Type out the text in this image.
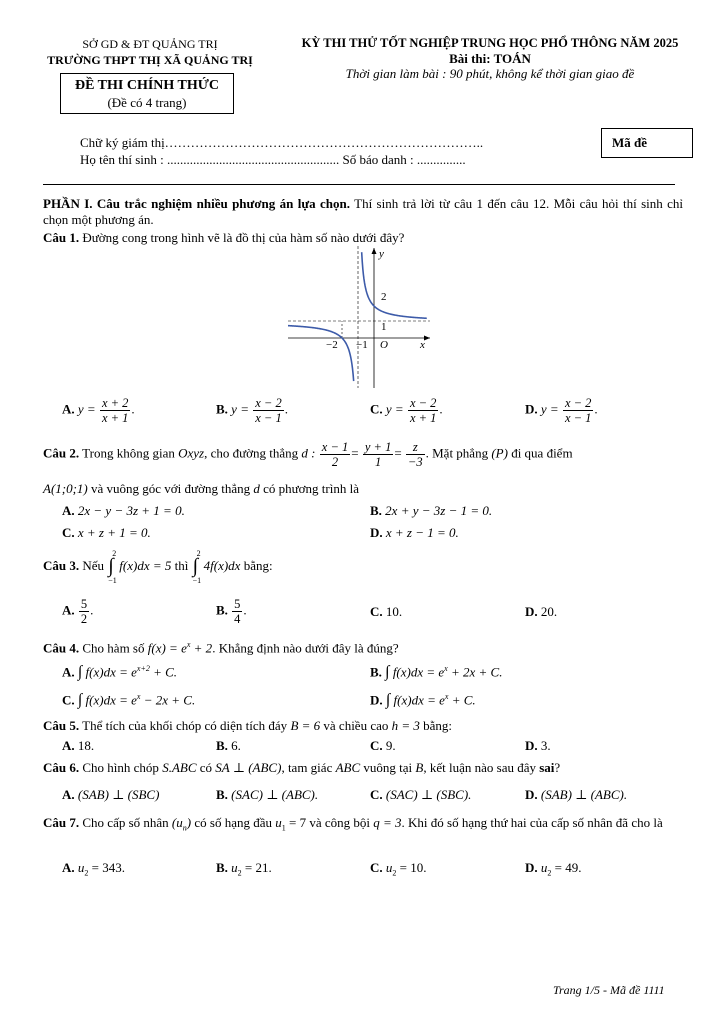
SỞ GD & ĐT QUẢNG TRỊ
TRƯỜNG THPT THỊ XÃ QUẢNG TRỊ
KỲ THI THỬ TỐT NGHIỆP TRUNG HỌC PHỔ THÔNG NĂM 2025
Bài thi: TOÁN
Thời gian làm bài : 90 phút, không kể thời gian giao đề
ĐỀ THI CHÍNH THỨC
(Đề có 4 trang)
Chữ ký giám thị………………………………………………………………..
Họ tên thí sinh : ..................................................... Số báo danh : ...............
Mã đề
PHẦN I. Câu trắc nghiệm nhiều phương án lựa chọn. Thí sinh trả lời từ câu 1 đến câu 12. Mỗi câu hỏi thí sinh chỉ chọn một phương án.
Câu 1. Đường cong trong hình vẽ là đồ thị của hàm số nào dưới đây?
y
x
O
2
1
−2 −1
A. $y = \frac{x + 2}{x + 1}$ .	B. $y = \frac{x - 2}{x - 1}$ .	C. $y = \frac{x - 2}{x + 1}$ .	D. $y = \frac{x - 2}{x - 1}$ .
Câu 2. Trong không gian Oxyz, cho đường thẳng d : $\frac{x - 1}{2} = \frac{y + 1}{1} = \frac{z}{-3}$ . Mặt phẳng (P) đi qua điểm
A(1;0;1) và vuông góc với đường thẳng d có phương trình là
A. 2x − y − 3z + 1 = 0.	B. 2x + y − 3z − 1 = 0.
C. x + z + 1 = 0.	D. x + z − 1 = 0.
Câu 3. Nếu ∫
2
−1
f(x)dx = 5 thì ∫
2
−1
4f(x)dx bằng:
A. $\frac{5}{2}$ .	B. $\frac{5}{4}$ .	C. 10.	D. 20.
Câu 4. Cho hàm số $f(x) = e^x + 2$. Khẳng định nào dưới đây là đúng?
A. ∫ $f(x)dx = e^{x+2} + C$.	B. ∫ $f(x)dx = e^x + 2x + C$.
C. ∫ $f(x)dx = e^x - 2x + C$.	D. ∫ $f(x)dx = e^x + C$.
Câu 5. Thể tích của khối chóp có diện tích đáy B = 6 và chiều cao h = 3 bằng:
A. 18.	B. 6.	C. 9.	D. 3.
Câu 6. Cho hình chóp S.ABC có SA ⊥ (ABC), tam giác ABC vuông tại B, kết luận nào sau đây sai?
A. (SAB) ⊥ (SBC)	B. (SAC) ⊥ (ABC).	C. (SAC) ⊥ (SBC).	D. (SAB) ⊥ (ABC).
Câu 7. Cho cấp số nhân $(u_n)$ có số hạng đầu $u_1 = 7$ và công bội q = 3. Khi đó số hạng thứ hai của cấp số nhân đã cho là
A. $u_2 = 343$.	B. $u_2 = 21$.	C. $u_2 = 10$.	D. $u_2 = 49$.
Trang 1/5 - Mã đề 1111
